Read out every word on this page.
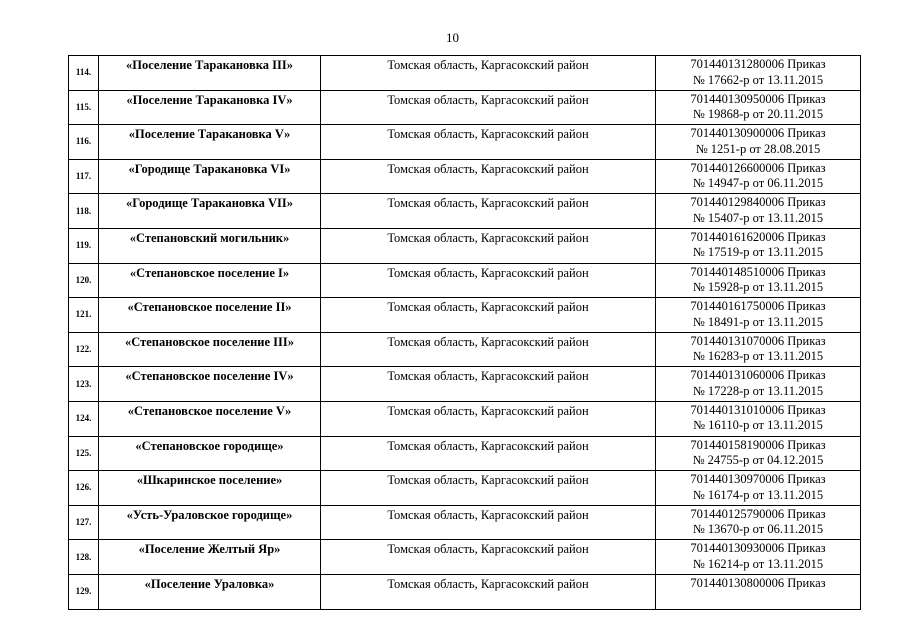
10
114.	«Поселение Таракановка III»	Томская область, Каргасокский район	701440131280006 Приказ
№ 17662-р от 13.11.2015

115.	«Поселение Таракановка IV»	Томская область, Каргасокский район	701440130950006 Приказ
№ 19868-р от 20.11.2015

116.	«Поселение Таракановка V»	Томская область, Каргасокский район	701440130900006 Приказ
№ 1251-р от 28.08.2015

117.	«Городище Таракановка VI»	Томская область, Каргасокский район	701440126600006 Приказ
№ 14947-р от 06.11.2015

118.	«Городище Таракановка VII»	Томская область, Каргасокский район	701440129840006 Приказ
№ 15407-р от 13.11.2015

119.	«Степановский могильник»	Томская область, Каргасокский район	701440161620006 Приказ
№ 17519-р от 13.11.2015

120.	«Степановское поселение I»	Томская область, Каргасокский район	701440148510006 Приказ
№ 15928-р от 13.11.2015

121.	«Степановское поселение II»	Томская область, Каргасокский район	701440161750006 Приказ
№ 18491-р от 13.11.2015

122.	«Степановское поселение III»	Томская область, Каргасокский район	701440131070006 Приказ
№ 16283-р от 13.11.2015

123.	«Степановское поселение IV»	Томская область, Каргасокский район	701440131060006 Приказ
№ 17228-р от 13.11.2015

124.	«Степановское поселение V»	Томская область, Каргасокский район	701440131010006 Приказ
№ 16110-р от 13.11.2015

125.	«Степановское городище»	Томская область, Каргасокский район	701440158190006 Приказ
№ 24755-р от 04.12.2015

126.	«Шкаринское поселение»	Томская область, Каргасокский район	701440130970006 Приказ
№ 16174-р от 13.11.2015

127.	«Усть-Ураловское городище»	Томская область, Каргасокский район	701440125790006 Приказ
№ 13670-р от 06.11.2015

128.	«Поселение Желтый Яр»	Томская область, Каргасокский район	701440130930006 Приказ
№ 16214-р от 13.11.2015

129.	«Поселение Ураловка»	Томская область, Каргасокский район	701440130800006 Приказ
